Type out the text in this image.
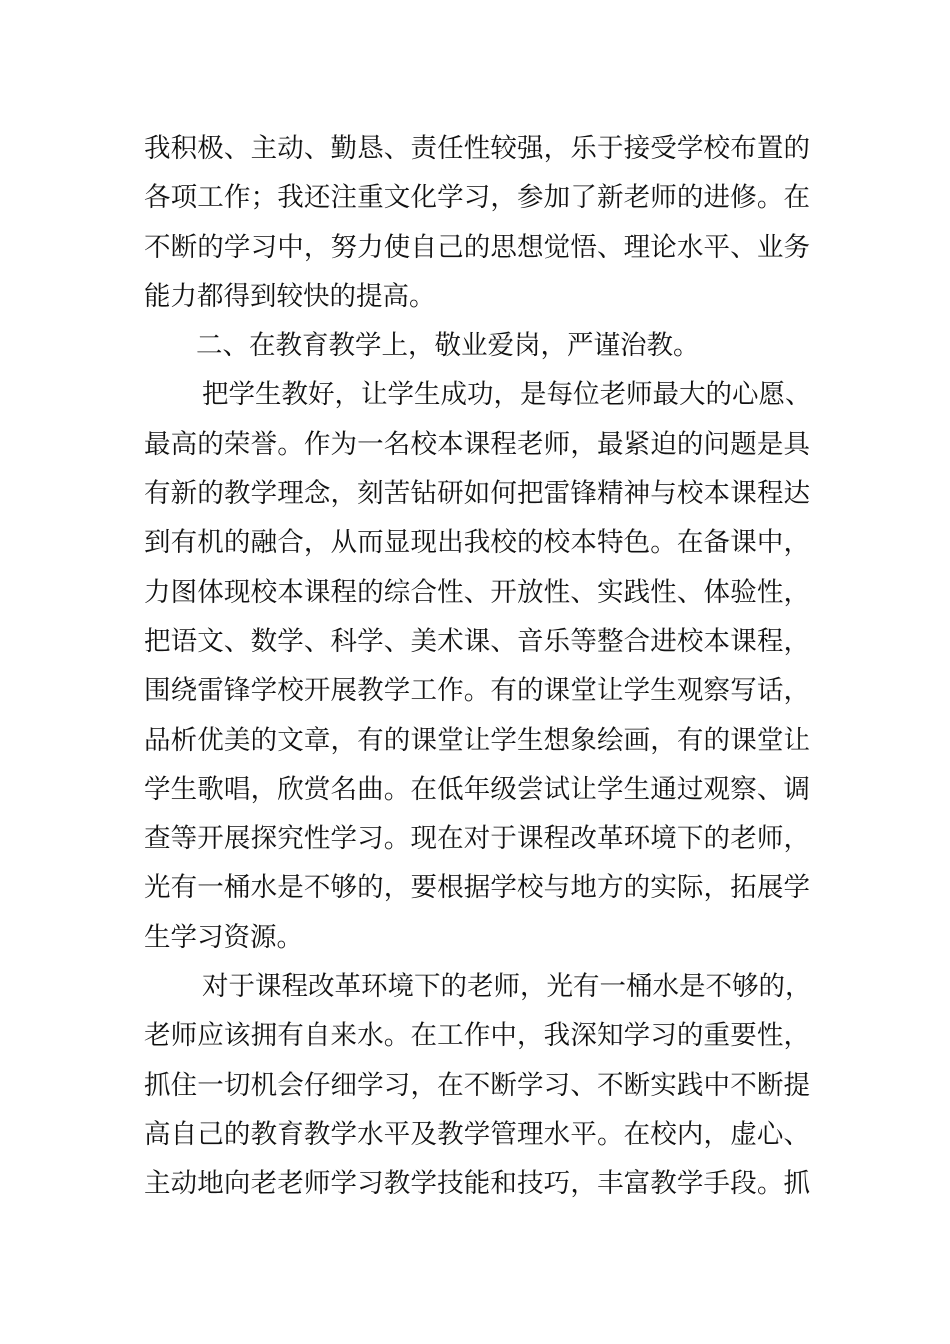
我积极、主动、勤恳、责任性较强，乐于接受学校布置的
各项工作；我还注重文化学习，参加了新老师的进修。在
不断的学习中，努力使自己的思想觉悟、理论水平、业务
能力都得到较快的提高。
二、在教育教学上，敬业爱岗，严谨治教。
把学生教好，让学生成功，是每位老师最大的心愿、
最高的荣誉。作为一名校本课程老师，最紧迫的问题是具
有新的教学理念，刻苦钻研如何把雷锋精神与校本课程达
到有机的融合，从而显现出我校的校本特色。在备课中，
力图体现校本课程的综合性、开放性、实践性、体验性，
把语文、数学、科学、美术课、音乐等整合进校本课程，
围绕雷锋学校开展教学工作。有的课堂让学生观察写话，
品析优美的文章，有的课堂让学生想象绘画，有的课堂让
学生歌唱，欣赏名曲。在低年级尝试让学生通过观察、调
查等开展探究性学习。现在对于课程改革环境下的老师，
光有一桶水是不够的，要根据学校与地方的实际，拓展学
生学习资源。
对于课程改革环境下的老师，光有一桶水是不够的，
老师应该拥有自来水。在工作中，我深知学习的重要性，
抓住一切机会仔细学习，在不断学习、不断实践中不断提
高自己的教育教学水平及教学管理水平。在校内，虚心、
主动地向老老师学习教学技能和技巧，丰富教学手段。抓
